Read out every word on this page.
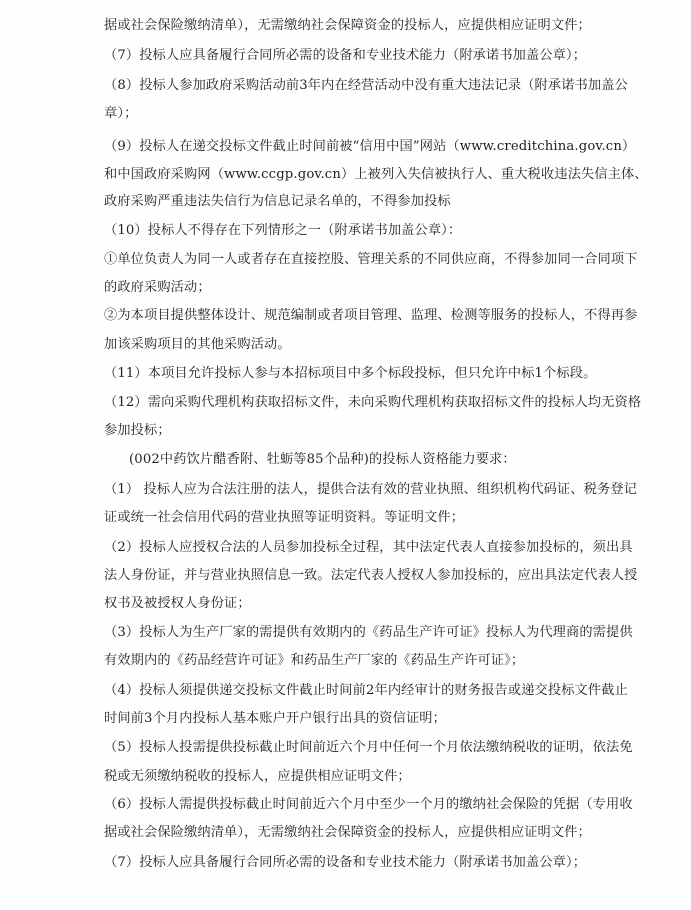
据或社会保险缴纳清单），无需缴纳社会保障资金的投标人，应提供相应证明文件；
（7）投标人应具备履行合同所必需的设备和专业技术能力（附承诺书加盖公章）；
（8）投标人参加政府采购活动前3年内在经营活动中没有重大违法记录（附承诺书加盖公
章）；
（9）投标人在递交投标文件截止时间前被“信用中国”网站（www.creditchina.gov.cn）
和中国政府采购网（www.ccgp.gov.cn）上被列入失信被执行人、重大税收违法失信主体、
政府采购严重违法失信行为信息记录名单的，不得参加投标
（10）投标人不得存在下列情形之一（附承诺书加盖公章）：
①单位负责人为同一人或者存在直接控股、管理关系的不同供应商，不得参加同一合同项下
的政府采购活动；
②为本项目提供整体设计、规范编制或者项目管理、监理、检测等服务的投标人，不得再参
加该采购项目的其他采购活动。
（11）本项目允许投标人参与本招标项目中多个标段投标，但只允许中标1个标段。
（12）需向采购代理机构获取招标文件，未向采购代理机构获取招标文件的投标人均无资格
参加投标；
(002中药饮片醋香附、牡蛎等85个品种)的投标人资格能力要求：
（1） 投标人应为合法注册的法人，提供合法有效的营业执照、组织机构代码证、税务登记
证或统一社会信用代码的营业执照等证明资料。等证明文件；
（2）投标人应授权合法的人员参加投标全过程，其中法定代表人直接参加投标的，须出具
法人身份证，并与营业执照信息一致。法定代表人授权人参加投标的，应出具法定代表人授
权书及被授权人身份证；
（3）投标人为生产厂家的需提供有效期内的《药品生产许可证》投标人为代理商的需提供
有效期内的《药品经营许可证》和药品生产厂家的《药品生产许可证》；
（4）投标人须提供递交投标文件截止时间前2年内经审计的财务报告或递交投标文件截止
时间前3个月内投标人基本账户开户银行出具的资信证明；
（5）投标人投需提供投标截止时间前近六个月中任何一个月依法缴纳税收的证明，依法免
税或无须缴纳税收的投标人，应提供相应证明文件；
（6）投标人需提供投标截止时间前近六个月中至少一个月的缴纳社会保险的凭据（专用收
据或社会保险缴纳清单），无需缴纳社会保障资金的投标人，应提供相应证明文件；
（7）投标人应具备履行合同所必需的设备和专业技术能力（附承诺书加盖公章）；
